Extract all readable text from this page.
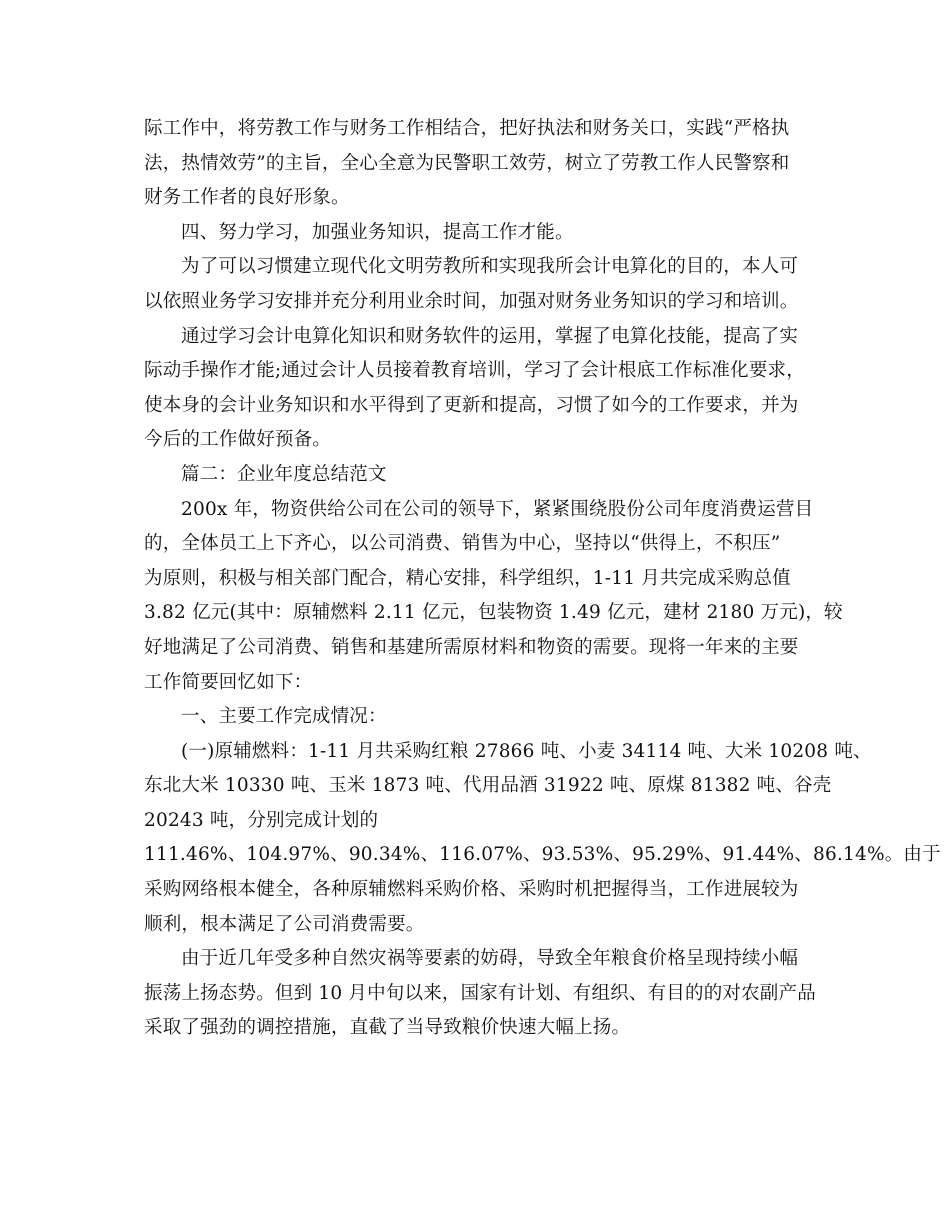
际工作中，将劳教工作与财务工作相结合，把好执法和财务关口，实践“严格执
法，热情效劳”的主旨，全心全意为民警职工效劳，树立了劳教工作人民警察和
财务工作者的良好形象。
四、努力学习，加强业务知识，提高工作才能。
为了可以习惯建立现代化文明劳教所和实现我所会计电算化的目的，本人可
以依照业务学习安排并充分利用业余时间，加强对财务业务知识的学习和培训。
通过学习会计电算化知识和财务软件的运用，掌握了电算化技能，提高了实
际动手操作才能;通过会计人员接着教育培训，学习了会计根底工作标准化要求，
使本身的会计业务知识和水平得到了更新和提高，习惯了如今的工作要求，并为
今后的工作做好预备。
篇二：企业年度总结范文
200x 年，物资供给公司在公司的领导下，紧紧围绕股份公司年度消费运营目
的，全体员工上下齐心，以公司消费、销售为中心，坚持以“供得上，不积压”
为原则，积极与相关部门配合，精心安排，科学组织，1-11 月共完成采购总值
3.82 亿元(其中：原辅燃料 2.11 亿元，包装物资 1.49 亿元，建材 2180 万元)，较
好地满足了公司消费、销售和基建所需原材料和物资的需要。现将一年来的主要
工作简要回忆如下：
一、主要工作完成情况：
(一)原辅燃料：1-11 月共采购红粮 27866 吨、小麦 34114 吨、大米 10208 吨、
东北大米 10330 吨、玉米 1873 吨、代用品酒 31922 吨、原煤 81382 吨、谷壳
20243 吨，分别完成计划的
111.46%、104.97%、90.34%、116.07%、93.53%、95.29%、91.44%、86.14%。由于
采购网络根本健全，各种原辅燃料采购价格、采购时机把握得当，工作进展较为
顺利，根本满足了公司消费需要。
由于近几年受多种自然灾祸等要素的妨碍，导致全年粮食价格呈现持续小幅
振荡上扬态势。但到 10 月中旬以来，国家有计划、有组织、有目的的对农副产品
采取了强劲的调控措施，直截了当导致粮价快速大幅上扬。
